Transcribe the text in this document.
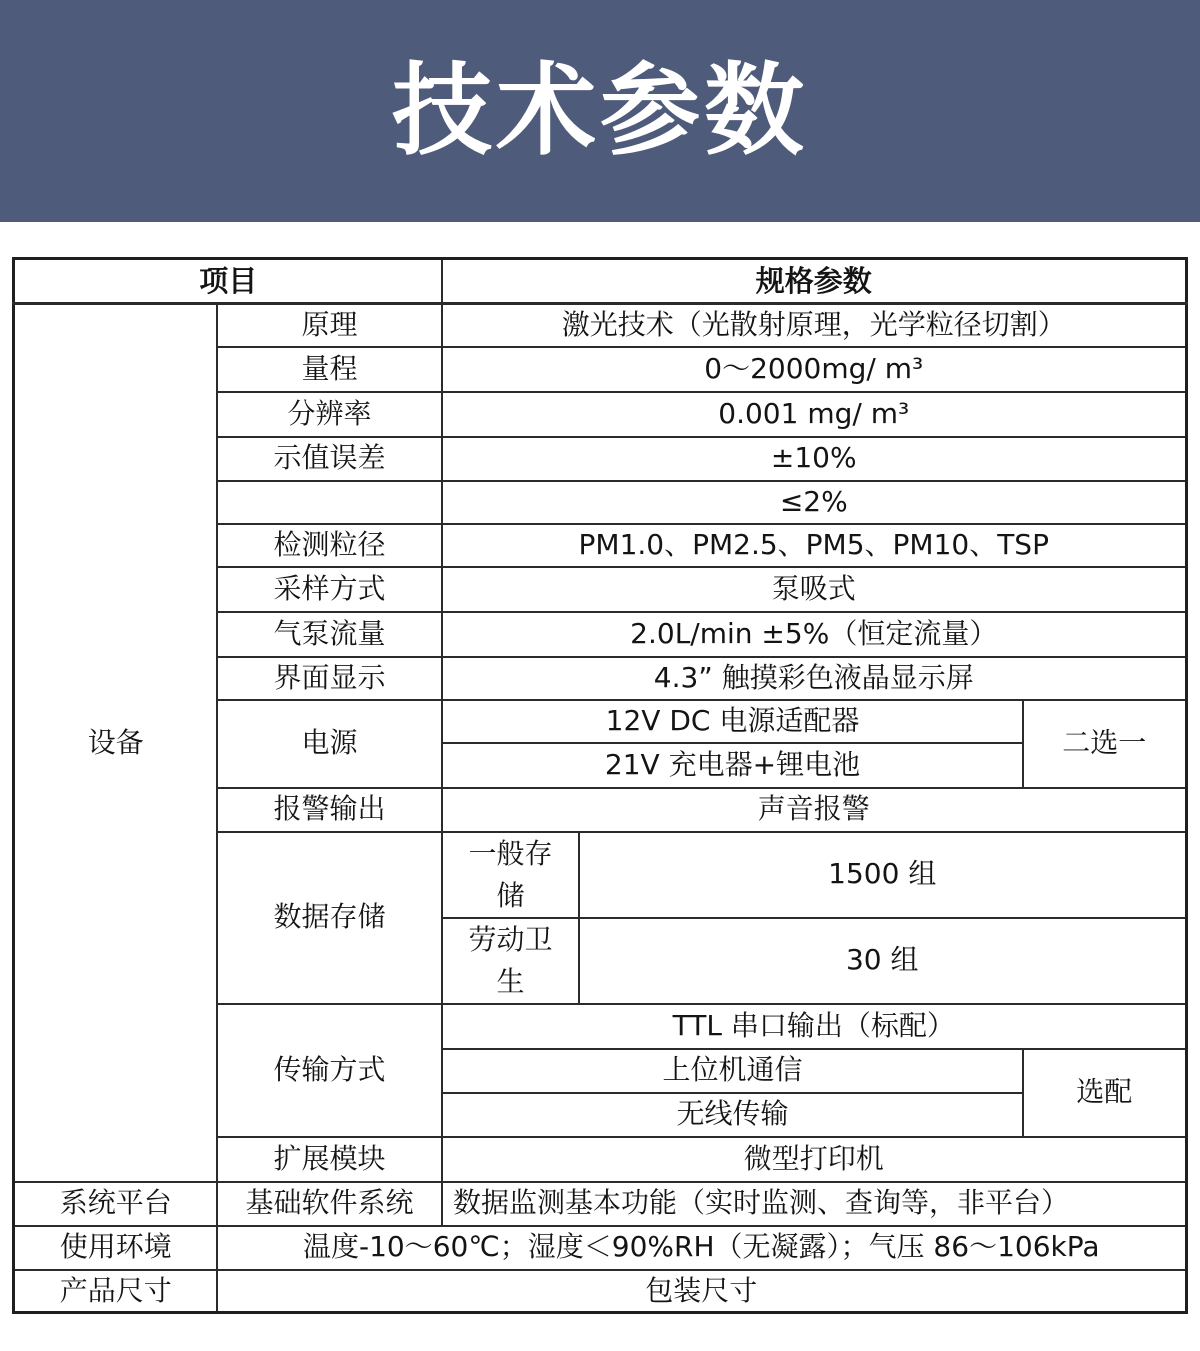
技术参数
项目		规格参数		
设备	原理	激光技术（光散射原理，光学粒径切割）		
	量程	0～2000mg/ m³		
	分辨率	0.001 mg/ m³		
	示值误差	±10%		
		≤2%		
	检测粒径	PM1.0、PM2.5、PM5、PM10、TSP		
	采样方式	泵吸式		
	气泵流量	2.0L/min ±5%（恒定流量）		
	界面显示	4.3” 触摸彩色液晶显示屏		
	电源	12V DC 电源适配器		二选一
		21V 充电器+锂电池		
	报警输出	声音报警		
	数据存储	一般存储	1500 组	
		劳动卫生	30 组	
	传输方式	TTL 串口输出（标配）		
		上位机通信		选配
		无线传输		
	扩展模块	微型打印机		
系统平台	基础软件系统	数据监测基本功能（实时监测、查询等，非平台）		
使用环境	温度-10～60℃；湿度＜90%RH（无凝露）；气压 86～106kPa			
产品尺寸	包装尺寸			
